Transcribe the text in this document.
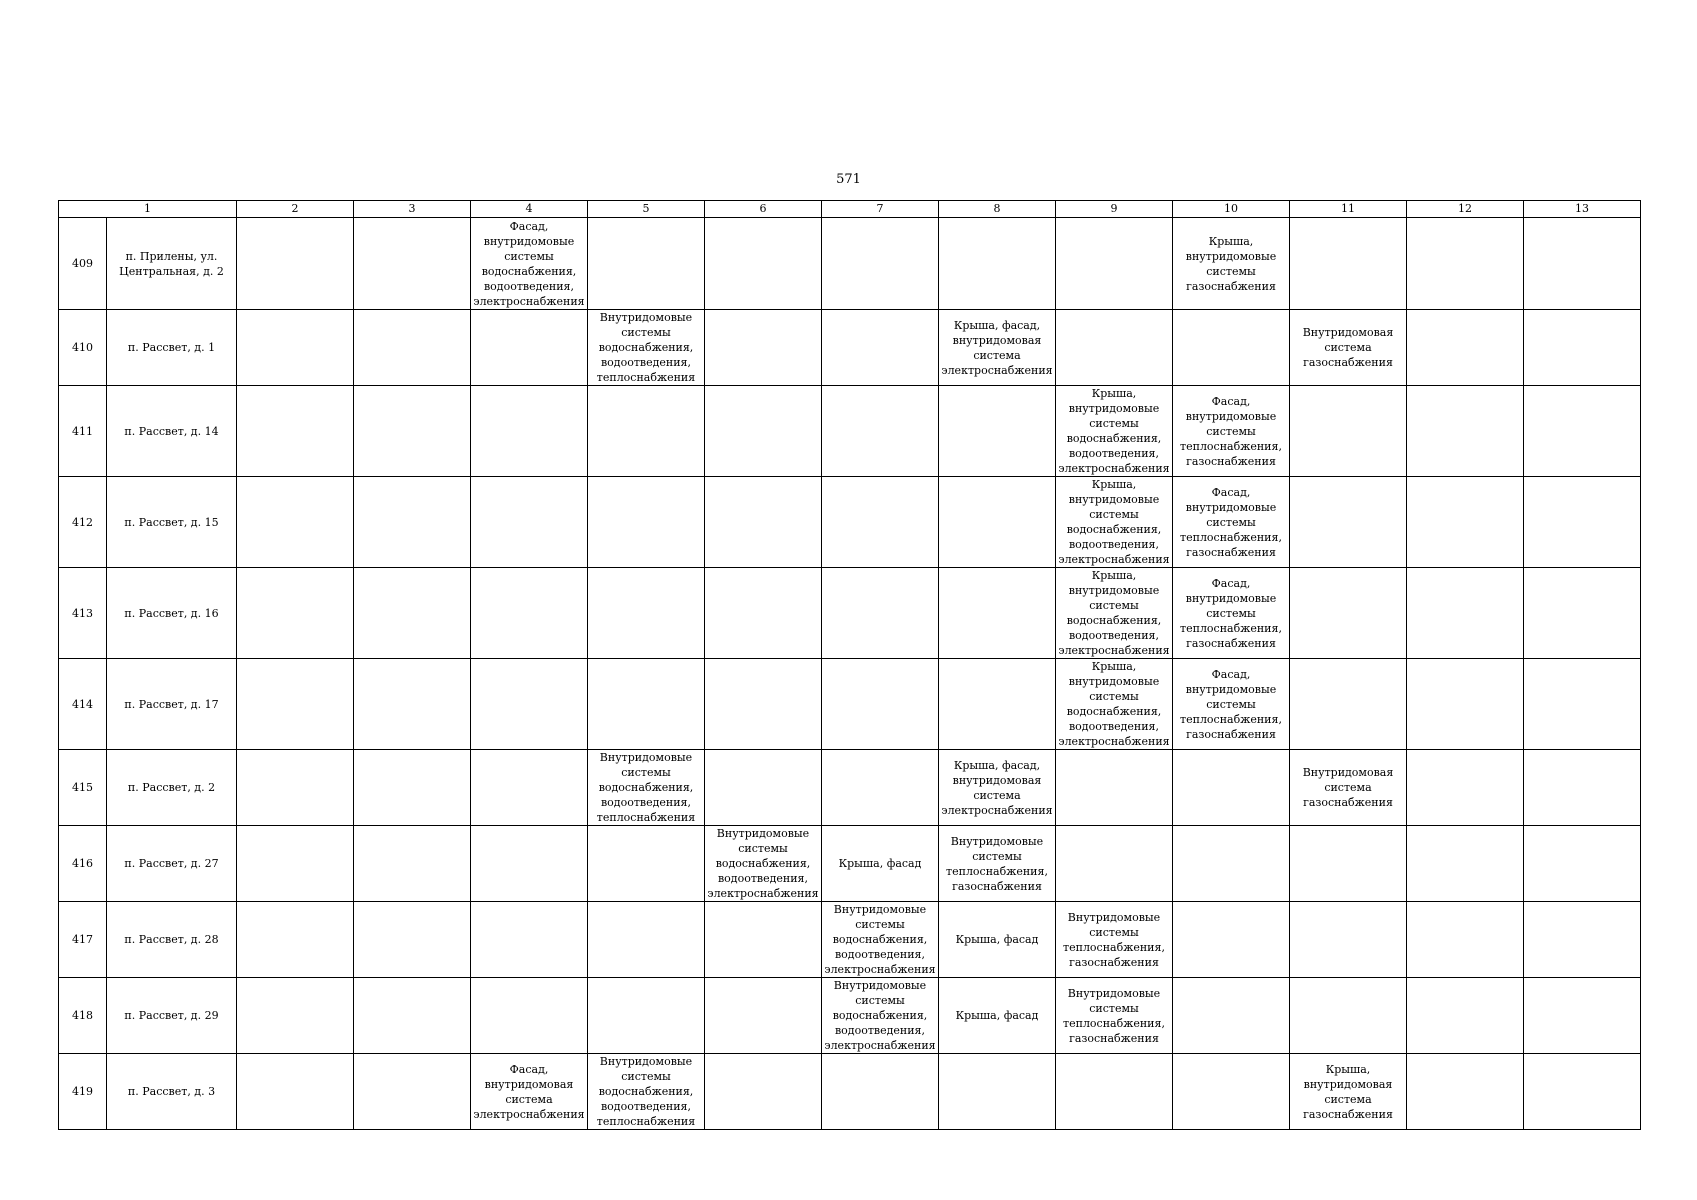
571
1		2	3	4	5	6	7	8	9	10	11	12	13
409	п. Прилены, ул. Центральная, д. 2			Фасад, внутридомовые системы водоснабжения, водоотведения, электроснабжения						Крыша, внутридомовые системы газоснабжения			
410	п. Рассвет, д. 1				Внутридомовые системы водоснабжения, водоотведения, теплоснабжения			Крыша, фасад, внутридомовая система электроснабжения			Внутридомовая система газоснабжения		
411	п. Рассвет, д. 14								Крыша, внутридомовые системы водоснабжения, водоотведения, электроснабжения	Фасад, внутридомовые системы теплоснабжения, газоснабжения			
412	п. Рассвет, д. 15								Крыша, внутридомовые системы водоснабжения, водоотведения, электроснабжения	Фасад, внутридомовые системы теплоснабжения, газоснабжения			
413	п. Рассвет, д. 16								Крыша, внутридомовые системы водоснабжения, водоотведения, электроснабжения	Фасад, внутридомовые системы теплоснабжения, газоснабжения			
414	п. Рассвет, д. 17								Крыша, внутридомовые системы водоснабжения, водоотведения, электроснабжения	Фасад, внутридомовые системы теплоснабжения, газоснабжения			
415	п. Рассвет, д. 2				Внутридомовые системы водоснабжения, водоотведения, теплоснабжения			Крыша, фасад, внутридомовая система электроснабжения			Внутридомовая система газоснабжения		
416	п. Рассвет, д. 27					Внутридомовые системы водоснабжения, водоотведения, электроснабжения	Крыша, фасад	Внутридомовые системы теплоснабжения, газоснабжения					
417	п. Рассвет, д. 28						Внутридомовые системы водоснабжения, водоотведения, электроснабжения	Крыша, фасад	Внутридомовые системы теплоснабжения, газоснабжения				
418	п. Рассвет, д. 29						Внутридомовые системы водоснабжения, водоотведения, электроснабжения	Крыша, фасад	Внутридомовые системы теплоснабжения, газоснабжения				
419	п. Рассвет, д. 3			Фасад, внутридомовая система электроснабжения	Внутридомовые системы водоснабжения, водоотведения, теплоснабжения						Крыша, внутридомовая система газоснабжения		
